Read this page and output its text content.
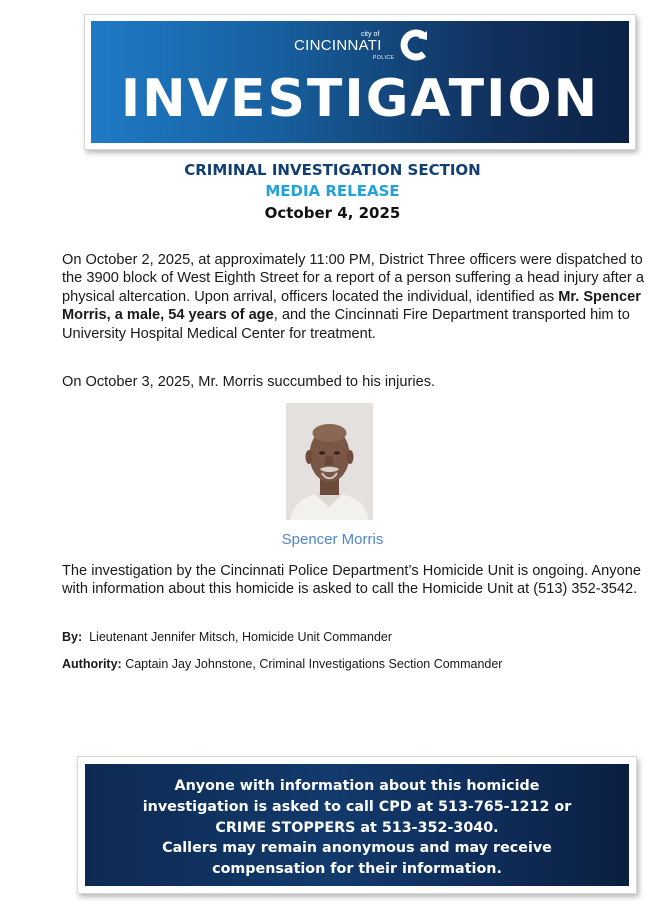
city of
CINCINNATI
POLICE
INVESTIGATION
CRIMINAL INVESTIGATION SECTION
MEDIA RELEASE
October 4, 2025

On October 2, 2025, at approximately 11:00 PM, District Three officers were dispatched to the 3900 block of West Eighth Street for a report of a person suffering a head injury after a physical altercation. Upon arrival, officers located the individual, identified as Mr. Spencer Morris, a male, 54 years of age, and the Cincinnati Fire Department transported him to University Hospital Medical Center for treatment.

On October 3, 2025, Mr. Morris succumbed to his injuries.

Spencer Morris

The investigation by the Cincinnati Police Department’s Homicide Unit is ongoing. Anyone with information about this homicide is asked to call the Homicide Unit at (513) 352-3542.

By: Lieutenant Jennifer Mitsch, Homicide Unit Commander
Authority: Captain Jay Johnstone, Criminal Investigations Section Commander
Anyone with information about this homicide
investigation is asked to call CPD at 513-765-1212 or
CRIME STOPPERS at 513-352-3040.
Callers may remain anonymous and may receive
compensation for their information.
